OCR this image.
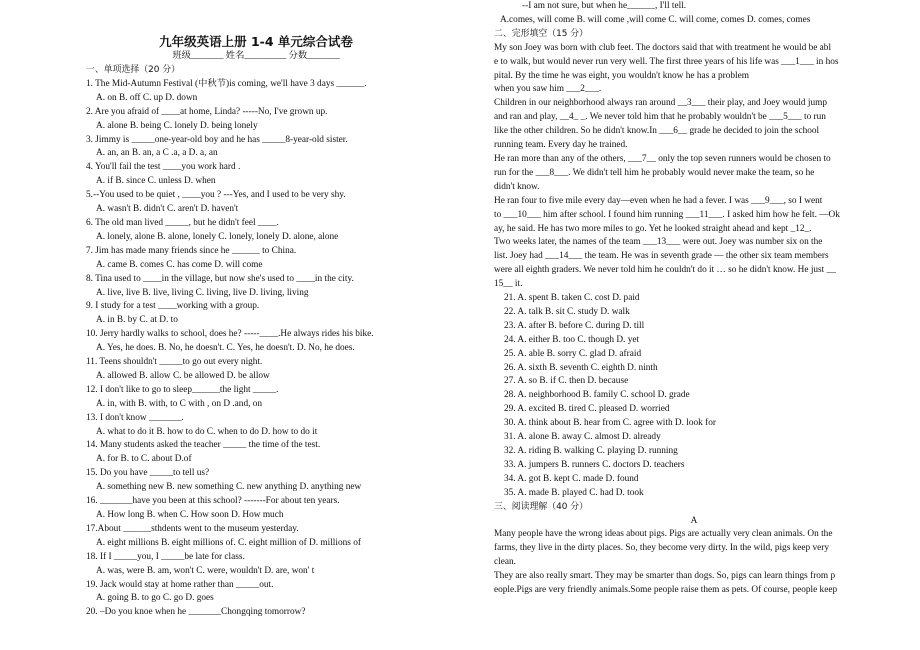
九年级英语上册 1-4 单元综合试卷
班级_______ 姓名_________ 分数_______
一、单项选择（20 分）
1. The Mid-Autumn Festival (中秋节)is coming, we'll have 3 days ______.
A. on B. off C. up D. down
2. Are you afraid of ____at home, Linda? -----No, I've grown up.
A. alone B. being C. lonely D. being lonely
3. Jimmy is _____one-year-old boy and he has _____8-year-old sister.
A. an, an B. an, a C .a, a D. a, an
4. You'll fail the test ____you work hard .
A. if B. since C. unless D. when
5.--You used to be quiet , ____you ? ---Yes, and I used to be very shy.
A. wasn't B. didn't C. aren't D. haven't
6. The old man lived _____, but he didn't feel ____.
A. lonely, alone B. alone, lonely C. lonely, lonely D. alone, alone
7. Jim has made many friends since he ______ to China.
A. came B. comes C. has come D. will come
8. Tina used to ____in the village, but now she's used to ____in the city.
A. live, live B. live, living C. living, live D. living, living
9. I study for a test ____working with a group.
A. in B. by C. at D. to
10. Jerry hardly walks to school, does he? -----____.He always rides his bike.
A. Yes, he does. B. No, he doesn't. C. Yes, he doesn't. D. No, he does.
11. Teens shouldn't _____to go out every night.
A. allowed B. allow C. be allowed D. be allow
12. I don't like to go to sleep______the light _____.
A. in, with B. with, to C with , on D .and, on
13. I don't know _______.
A. what to do it B. how to do C. when to do D. how to do it
14. Many students asked the teacher _____ the time of the test.
A. for B. to C. about D.of
15. Do you have _____to tell us?
A. something new B. new something C. new anything D. anything new
16. _______have you been at this school? -------For about ten years.
A. How long B. when C. How soon D. How much
17.About ______sthdents went to the museum yesterday.
A. eight millions B. eight millions of. C. eight million of D. millions of
18. If I _____you, I _____be late for class.
A. was, were B. am, won't C. were, wouldn't D. are, won' t
19. Jack would stay at home rather than _____out.
A. going B. to go C. go D. goes
20. –Do you knoe when he _______Chongqing tomorrow?
--I am not sure, but when he______, I'll tell.
A.comes, will come B. will come ,will come C. will come, comes D. comes, comes
二、完形填空（15 分）
My son Joey was born with club feet. The doctors said that with treatment he would be abl
e to walk, but would never run very well. The first three years of his life was ___1___ in hos
pital. By the time he was eight, you wouldn't know he has a problem
when you saw him ___2___.
Children in our neighborhood always ran around __3___ their play, and Joey would jump
and ran and play, __4_ _. We never told him that he probably wouldn't be ___5___ to run
like the other children. So he didn't know.In ___6__ grade he decided to join the school
running team. Every day he trained.
He ran more than any of the others, ___7__ only the top seven runners would be chosen to
run for the ___8___. We didn't tell him he probably would never make the team, so he
didn't know.
He ran four to five mile every day—even when he had a fever. I was ___9___, so I went
to ___10___ him after school. I found him running ___11___. I asked him how he felt. —Ok
ay, he said. He has two more miles to go. Yet he looked straight ahead and kept _12_.
Two weeks later, the names of the team ___13___ were out. Joey was number six on the
list. Joey had ___14___ the team. He was in seventh grade — the other six team members
were all eighth graders. We never told him he couldn't do it … so he didn't know. He just __
15__ it.
21. A. spent B. taken C. cost D. paid
22. A. talk B. sit C. study D. walk
23. A. after B. before C. during D. till
24. A. either B. too C. though D. yet
25. A. able B. sorry C. glad D. afraid
26. A. sixth B. seventh C. eighth D. ninth
27. A. so B. if C. then D. because
28. A. neighborhood B. family C. school D. grade
29. A. excited B. tired C. pleased D. worried
30. A. think about B. hear from C. agree with D. look for
31. A. alone B. away C. almost D. already
32. A. riding B. walking C. playing D. running
33. A. jumpers B. runners C. doctors D. teachers
34. A. got B. kept C. made D. found
35. A. made B. played C. had D. took
三、阅读理解（40 分）
A
Many people have the wrong ideas about pigs. Pigs are actually very clean animals. On the
farms, they live in the dirty places. So, they become very dirty. In the wild, pigs keep very
clean.
They are also really smart. They may be smarter than dogs. So, pigs can learn things from p
eople.Pigs are very friendly animals.Some people raise them as pets. Of course, people keep
